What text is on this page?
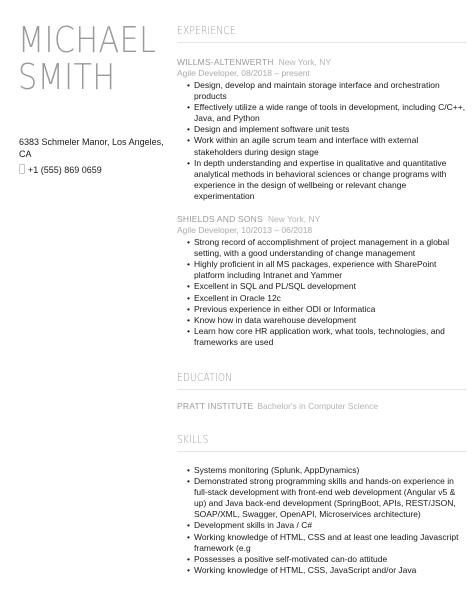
MICHAEL
SMITH
6383 Schmeler Manor, Los Angeles, CA
+1 (555) 869 0659
EXPERIENCE
WILLMS-ALTENWERTH New York, NY
Agile Developer, 08/2018 – present
• Design, develop and maintain storage interface and orchestration products
• Effectively utilize a wide range of tools in development, including C/C++, Java, and Python
• Design and implement software unit tests
• Work within an agile scrum team and interface with external stakeholders during design stage
• In depth understanding and expertise in qualitative and quantitative analytical methods in behavioral sciences or change programs with experience in the design of wellbeing or relevant change experimentation
SHIELDS AND SONS New York, NY
Agile Developer, 10/2013 – 06/2018
• Strong record of accomplishment of project management in a global setting, with a good understanding of change management
• Highly proficient in all MS packages, experience with SharePoint platform including Intranet and Yammer
• Excellent in SQL and PL/SQL development
• Excellent in Oracle 12c
• Previous experience in either ODI or Informatica
• Know how in data warehouse development
• Learn how core HR application work, what tools, technologies, and frameworks are used
EDUCATION
PRATT INSTITUTE Bachelor's in Computer Science
SKILLS
• Systems monitoring (Splunk, AppDynamics)
• Demonstrated strong programming skills and hands-on experience in full-stack development with front-end web development (Angular v5 & up) and Java back-end development (SpringBoot, APIs, REST/JSON, SOAP/XML, Swagger, OpenAPI, Microservices architecture)
• Development skills in Java / C#
• Working knowledge of HTML, CSS and at least one leading Javascript framework (e.g
• Possesses a positive self-motivated can-do attitude
• Working knowledge of HTML, CSS, JavaScript and/or Java
